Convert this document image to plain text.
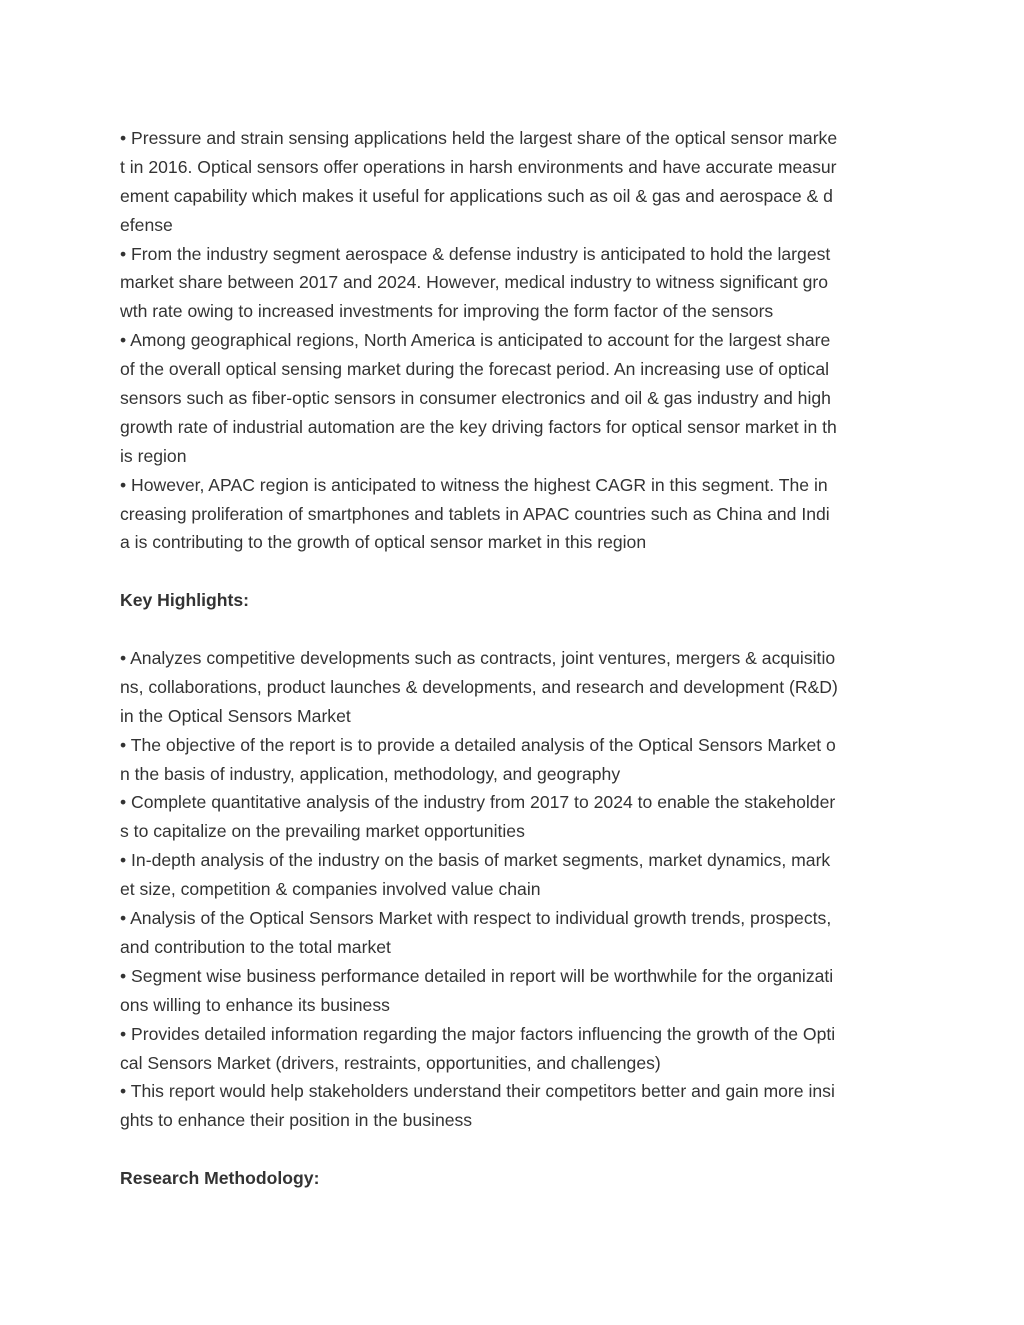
• Pressure and strain sensing applications held the largest share of the optical sensor marke
t in 2016. Optical sensors offer operations in harsh environments and have accurate measur
ement capability which makes it useful for applications such as oil & gas and aerospace & d
efense
• From the industry segment aerospace & defense industry is anticipated to hold the largest
market share between 2017 and 2024. However, medical industry to witness significant gro
wth rate owing to increased investments for improving the form factor of the sensors
• Among geographical regions, North America is anticipated to account for the largest share
of the overall optical sensing market during the forecast period. An increasing use of optical
sensors such as fiber-optic sensors in consumer electronics and oil & gas industry and high
growth rate of industrial automation are the key driving factors for optical sensor market in th
is region
• However, APAC region is anticipated to witness the highest CAGR in this segment. The in
creasing proliferation of smartphones and tablets in APAC countries such as China and Indi
a is contributing to the growth of optical sensor market in this region
Key Highlights:
• Analyzes competitive developments such as contracts, joint ventures, mergers & acquisitio
ns, collaborations, product launches & developments, and research and development (R&D)
in the Optical Sensors Market
• The objective of the report is to provide a detailed analysis of the Optical Sensors Market o
n the basis of industry, application, methodology, and geography
• Complete quantitative analysis of the industry from 2017 to 2024 to enable the stakeholder
s to capitalize on the prevailing market opportunities
• In-depth analysis of the industry on the basis of market segments, market dynamics, mark
et size, competition & companies involved value chain
• Analysis of the Optical Sensors Market with respect to individual growth trends, prospects,
and contribution to the total market
• Segment wise business performance detailed in report will be worthwhile for the organizati
ons willing to enhance its business
• Provides detailed information regarding the major factors influencing the growth of the Opti
cal Sensors Market (drivers, restraints, opportunities, and challenges)
• This report would help stakeholders understand their competitors better and gain more insi
ghts to enhance their position in the business
Research Methodology:
